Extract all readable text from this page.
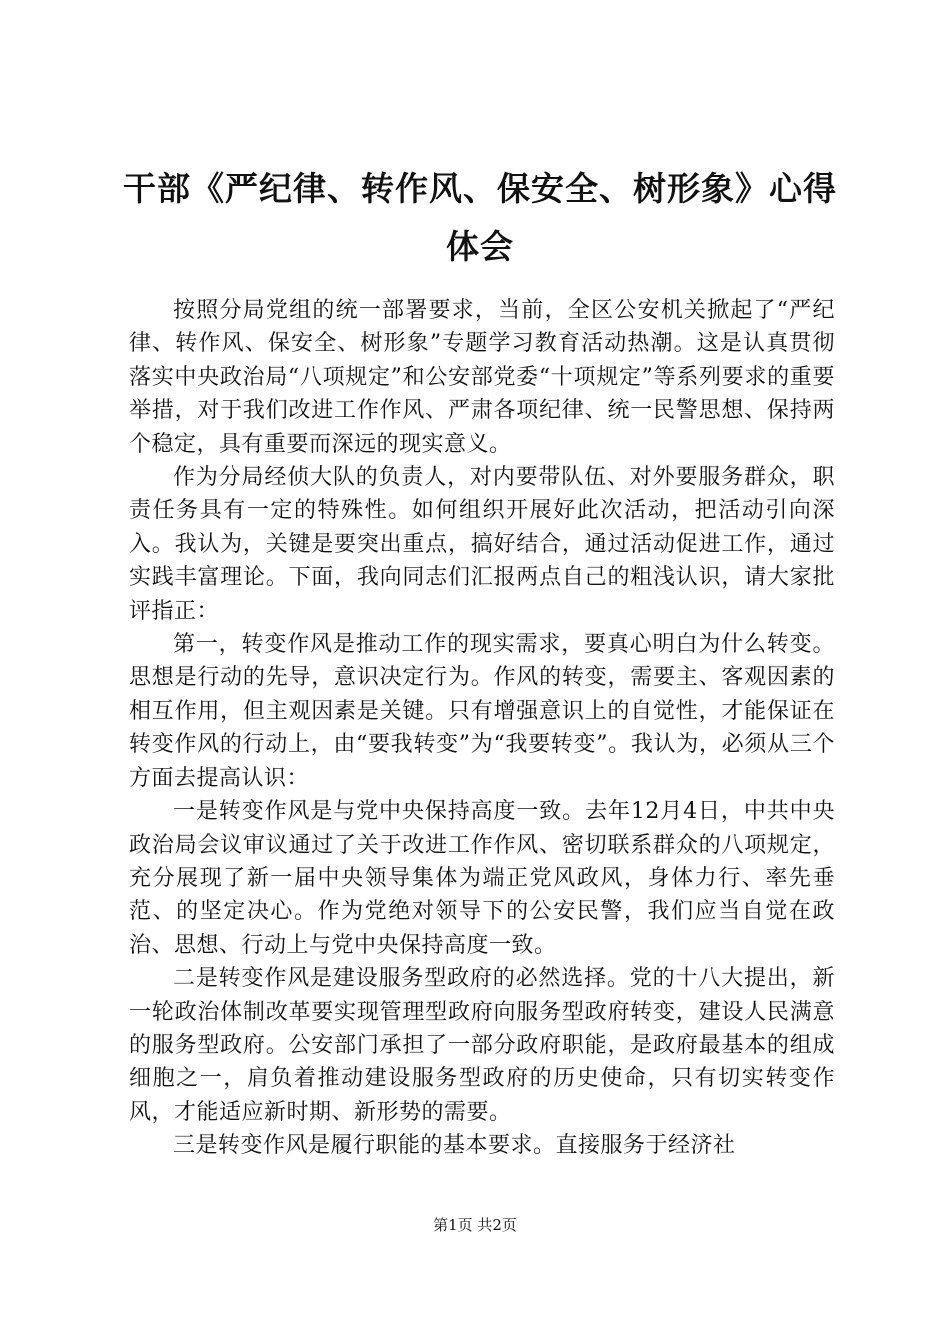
干部《严纪律、转作风、保安全、树形象》心得体会

按照分局党组的统一部署要求，当前，全区公安机关掀起了“严纪律、转作风、保安全、树形象”专题学习教育活动热潮。这是认真贯彻落实中央政治局“八项规定”和公安部党委“十项规定”等系列要求的重要举措，对于我们改进工作作风、严肃各项纪律、统一民警思想、保持两个稳定，具有重要而深远的现实意义。

作为分局经侦大队的负责人，对内要带队伍、对外要服务群众，职责任务具有一定的特殊性。如何组织开展好此次活动，把活动引向深入。我认为，关键是要突出重点，搞好结合，通过活动促进工作，通过实践丰富理论。下面，我向同志们汇报两点自己的粗浅认识，请大家批评指正：

第一，转变作风是推动工作的现实需求，要真心明白为什么转变。思想是行动的先导，意识决定行为。作风的转变，需要主、客观因素的相互作用，但主观因素是关键。只有增强意识上的自觉性，才能保证在转变作风的行动上，由“要我转变”为“我要转变”。我认为，必须从三个方面去提高认识：

一是转变作风是与党中央保持高度一致。去年12月4日，中共中央政治局会议审议通过了关于改进工作作风、密切联系群众的八项规定，充分展现了新一届中央领导集体为端正党风政风，身体力行、率先垂范、的坚定决心。作为党绝对领导下的公安民警，我们应当自觉在政治、思想、行动上与党中央保持高度一致。

二是转变作风是建设服务型政府的必然选择。党的十八大提出，新一轮政治体制改革要实现管理型政府向服务型政府转变，建设人民满意的服务型政府。公安部门承担了一部分政府职能，是政府最基本的组成细胞之一，肩负着推动建设服务型政府的历史使命，只有切实转变作风，才能适应新时期、新形势的需要。

三是转变作风是履行职能的基本要求。直接服务于经济社

第1页 共2页
